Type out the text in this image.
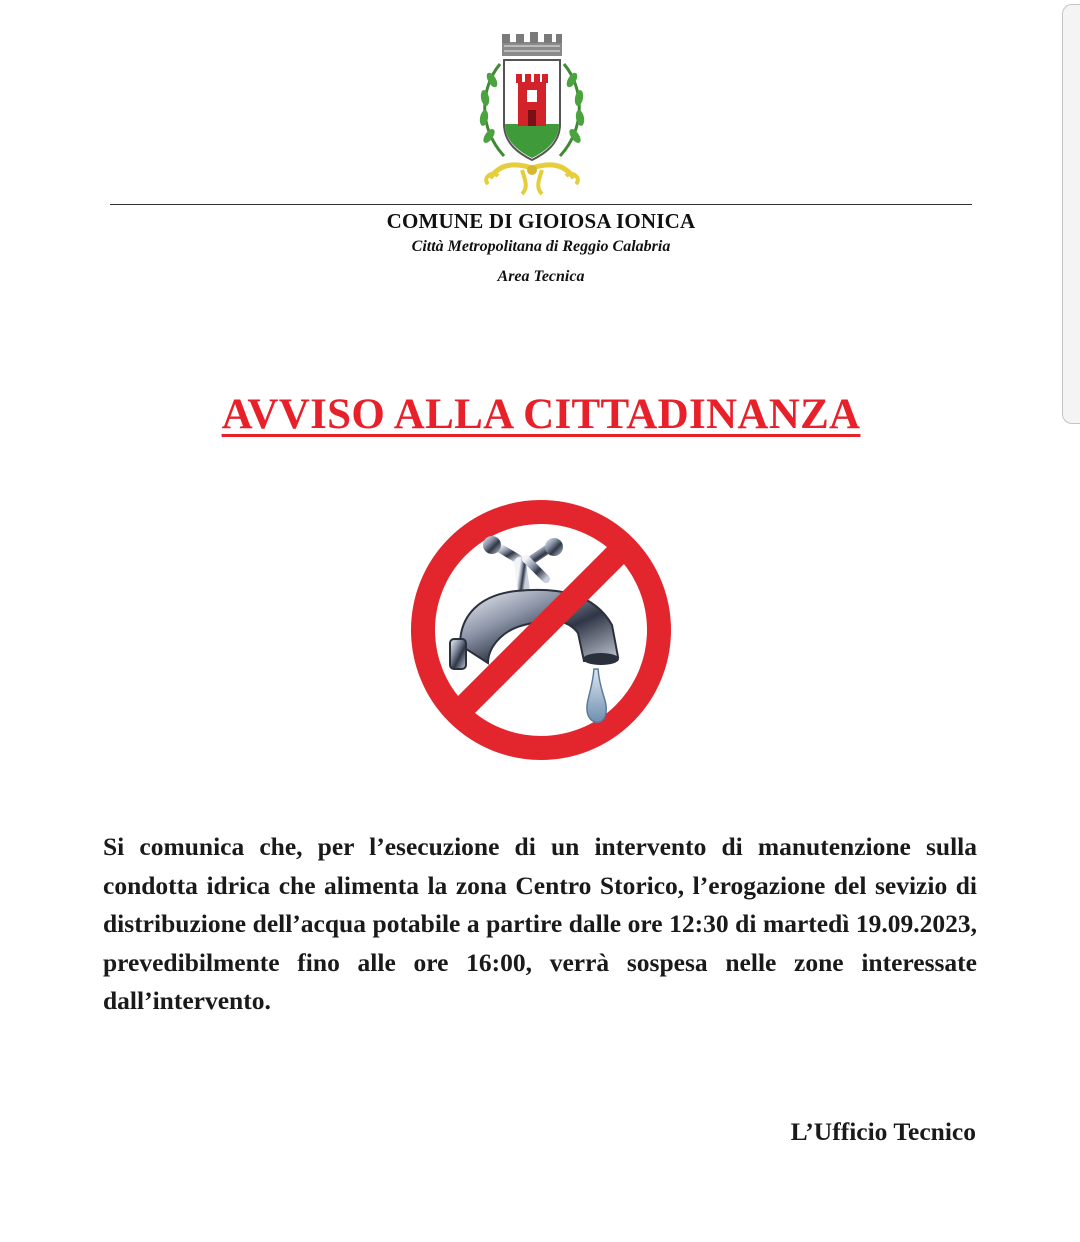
COMUNE DI GIOIOSA IONICA
Città Metropolitana di Reggio Calabria
Area Tecnica
AVVISO ALLA CITTADINANZA
Si comunica che, per l’esecuzione di un intervento di manutenzione sulla condotta idrica che alimenta la zona Centro Storico, l’erogazione del sevizio di distribuzione dell’acqua potabile a partire dalle ore 12:30 di martedì 19.09.2023, prevedibilmente fino alle ore 16:00, verrà sospesa nelle zone interessate dall’intervento.
L’Ufficio Tecnico
